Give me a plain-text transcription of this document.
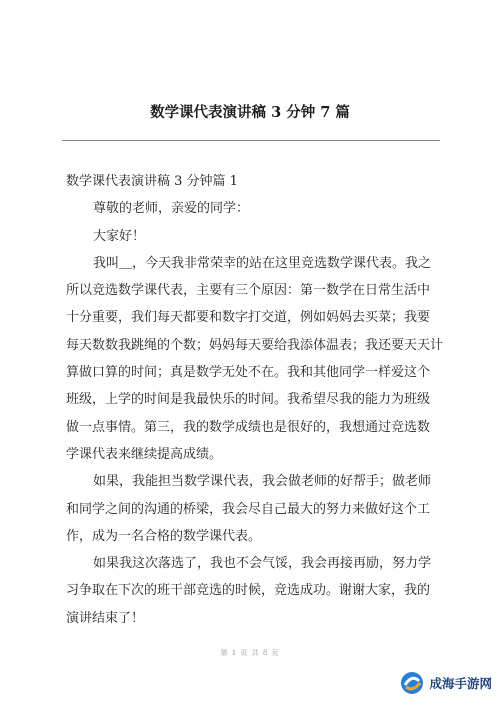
数学课代表演讲稿 3 分钟 7 篇
数学课代表演讲稿 3 分钟篇 1
尊敬的老师，亲爱的同学：
大家好！
我叫＿，今天我非常荣幸的站在这里竞选数学课代表。我之
所以竞选数学课代表，主要有三个原因：第一数学在日常生活中
十分重要，我们每天都要和数字打交道，例如妈妈去买菜；我要
每天数数我跳绳的个数；妈妈每天要给我添体温表；我还要天天计
算做口算的时间；真是数学无处不在。我和其他同学一样爱这个
班级，上学的时间是我最快乐的时间。我希望尽我的能力为班级
做一点事情。第三，我的数学成绩也是很好的，我想通过竞选数
学课代表来继续提高成绩。
如果，我能担当数学课代表，我会做老师的好帮手；做老师
和同学之间的沟通的桥梁，我会尽自己最大的努力来做好这个工
作，成为一名合格的数学课代表。
如果我这次落选了，我也不会气馁，我会再接再励，努力学
习争取在下次的班干部竞选的时候，竞选成功。谢谢大家，我的
演讲结束了！
第 1 页 共 8 页
成海手游网
